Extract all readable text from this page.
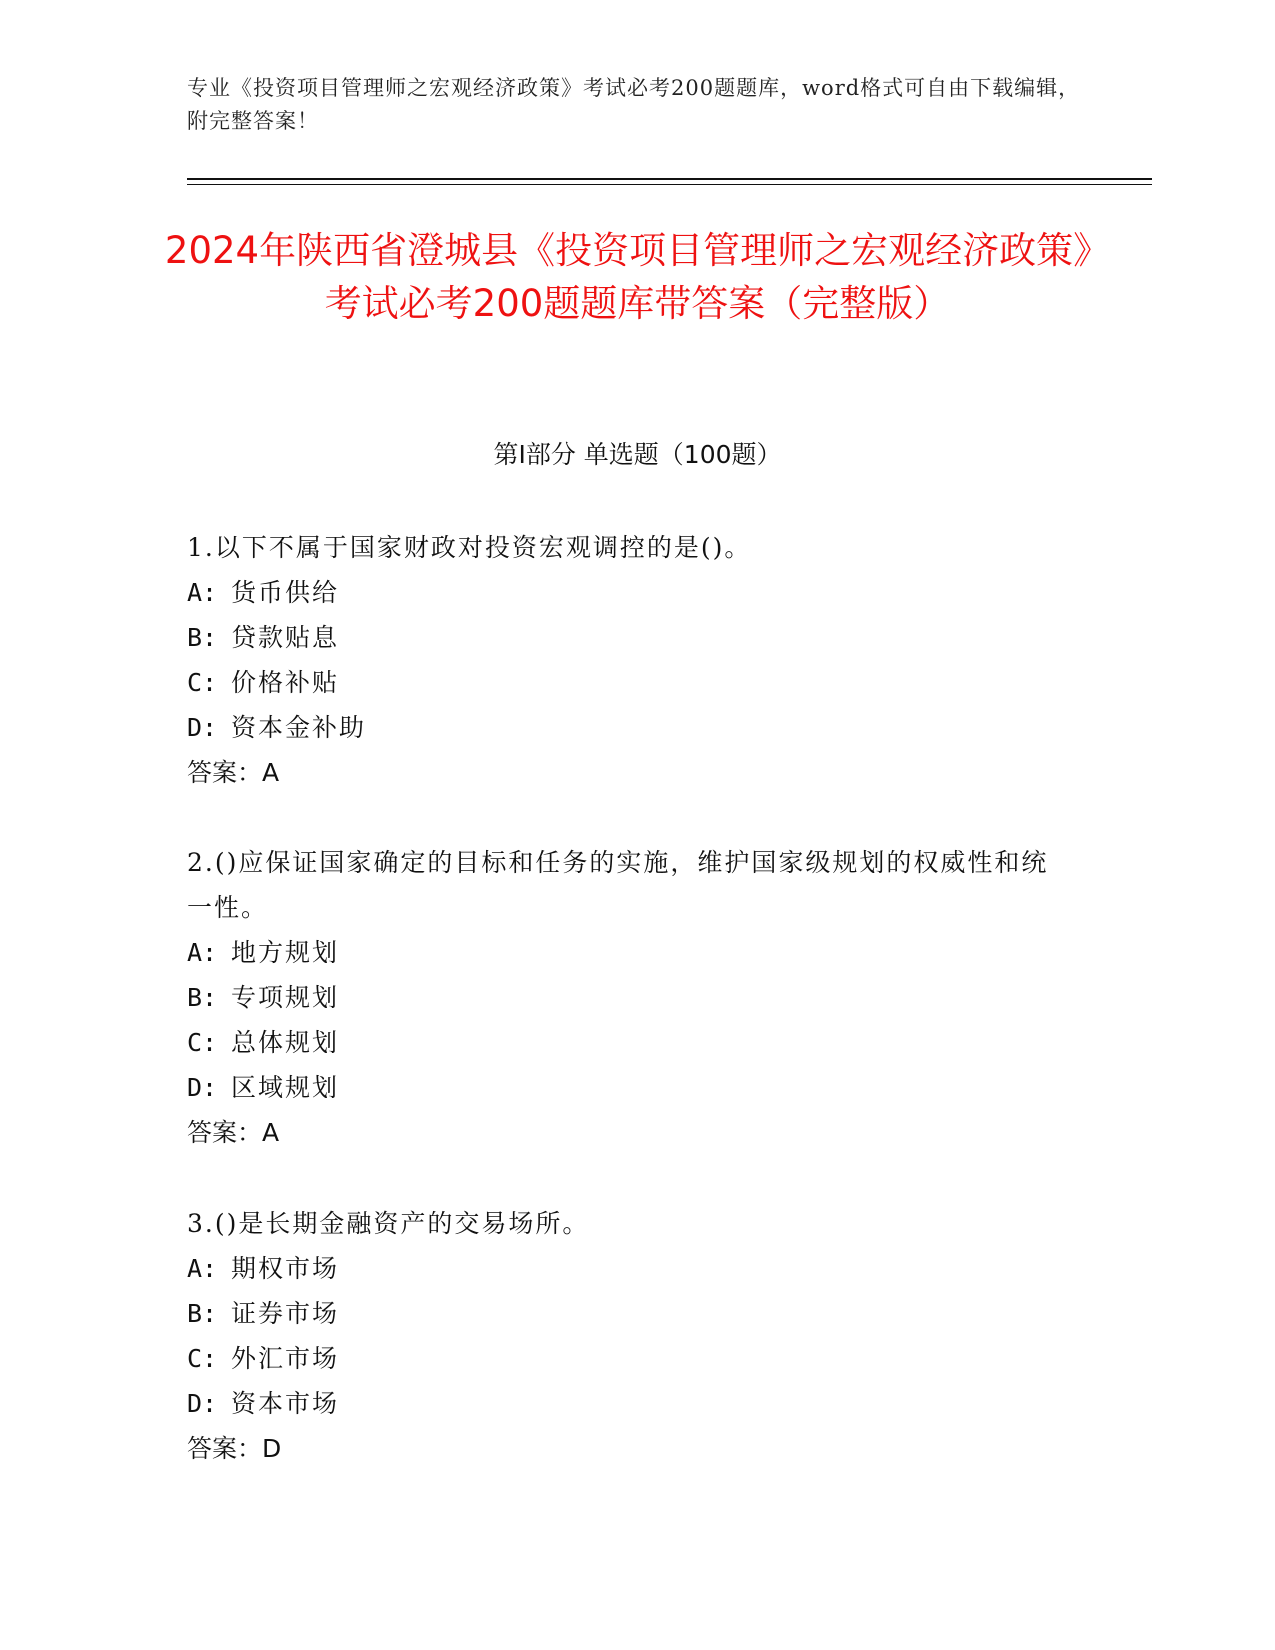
专业《投资项目管理师之宏观经济政策》考试必考200题题库，word格式可自由下载编辑，附完整答案！
2024年陕西省澄城县《投资项目管理师之宏观经济政策》考试必考200题题库带答案（完整版）
第I部分 单选题（100题）
1.以下不属于国家财政对投资宏观调控的是()。
A: 货币供给
B: 贷款贴息
C: 价格补贴
D: 资本金补助
答案：A
2.()应保证国家确定的目标和任务的实施，维护国家级规划的权威性和统一性。
A: 地方规划
B: 专项规划
C: 总体规划
D: 区域规划
答案：A
3.()是长期金融资产的交易场所。
A: 期权市场
B: 证券市场
C: 外汇市场
D: 资本市场
答案：D
